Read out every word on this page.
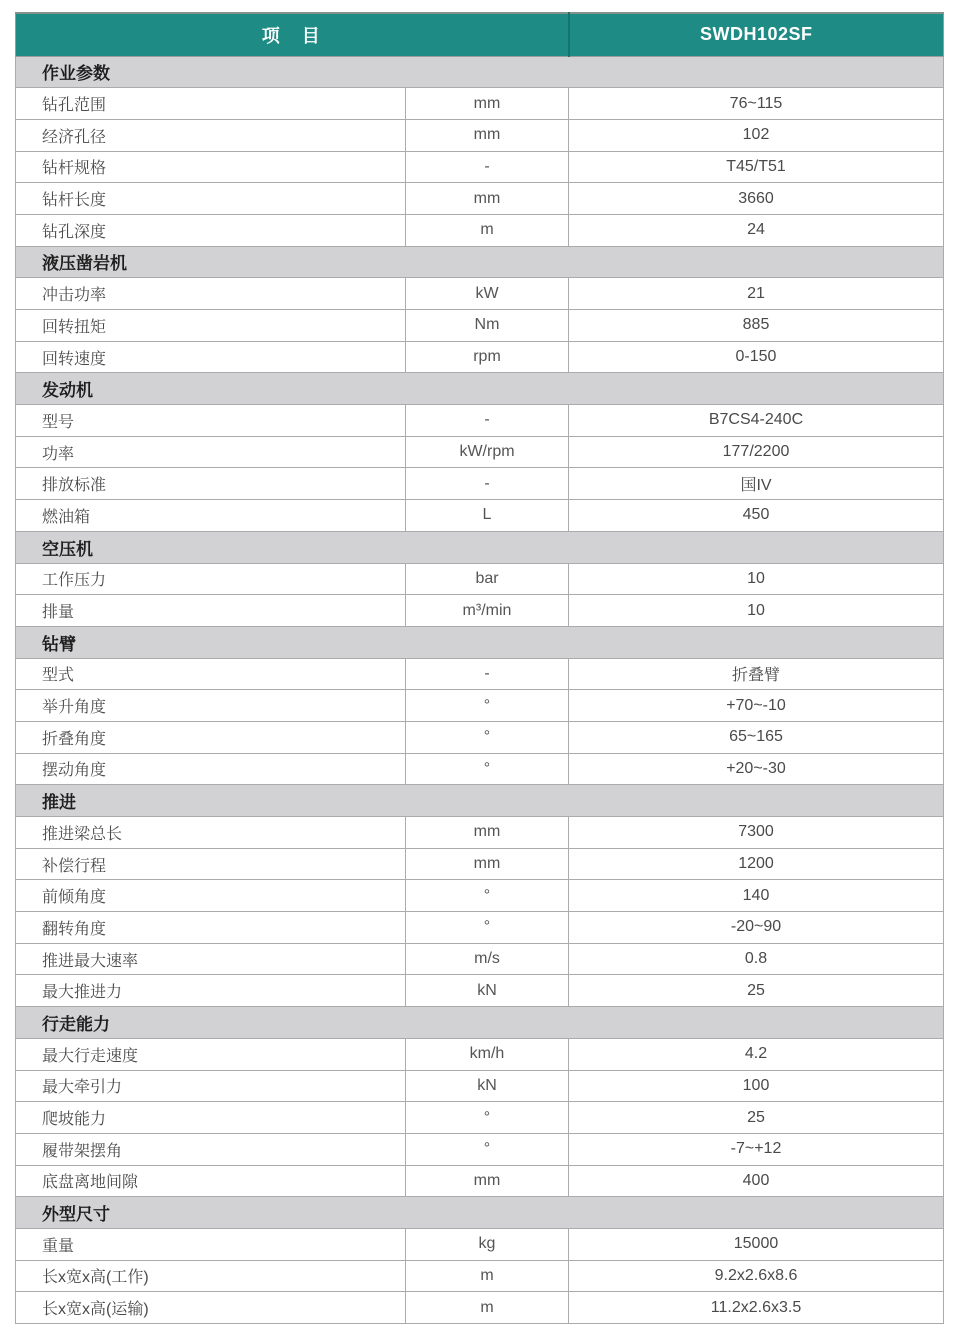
项　目		SWDH102SF
作业参数		
钻孔范围	mm	76~115
经济孔径	mm	102
钻杆规格	-	T45/T51
钻杆长度	mm	3660
钻孔深度	m	24
液压凿岩机		
冲击功率	kW	21
回转扭矩	Nm	885
回转速度	rpm	0-150
发动机		
型号	-	B7CS4-240C
功率	kW/rpm	177/2200
排放标准	-	国IV
燃油箱	L	450
空压机		
工作压力	bar	10
排量	m³/min	10
钻臂		
型式	-	折叠臂
举升角度	°	+70~-10
折叠角度	°	65~165
摆动角度	°	+20~-30
推进		
推进梁总长	mm	7300
补偿行程	mm	1200
前倾角度	°	140
翻转角度	°	-20~90
推进最大速率	m/s	0.8
最大推进力	kN	25
行走能力		
最大行走速度	km/h	4.2
最大牵引力	kN	100
爬坡能力	°	25
履带架摆角	°	-7~+12
底盘离地间隙	mm	400
外型尺寸		
重量	kg	15000
长x宽x高(工作)	m	9.2x2.6x8.6
长x宽x高(运输)	m	11.2x2.6x3.5
